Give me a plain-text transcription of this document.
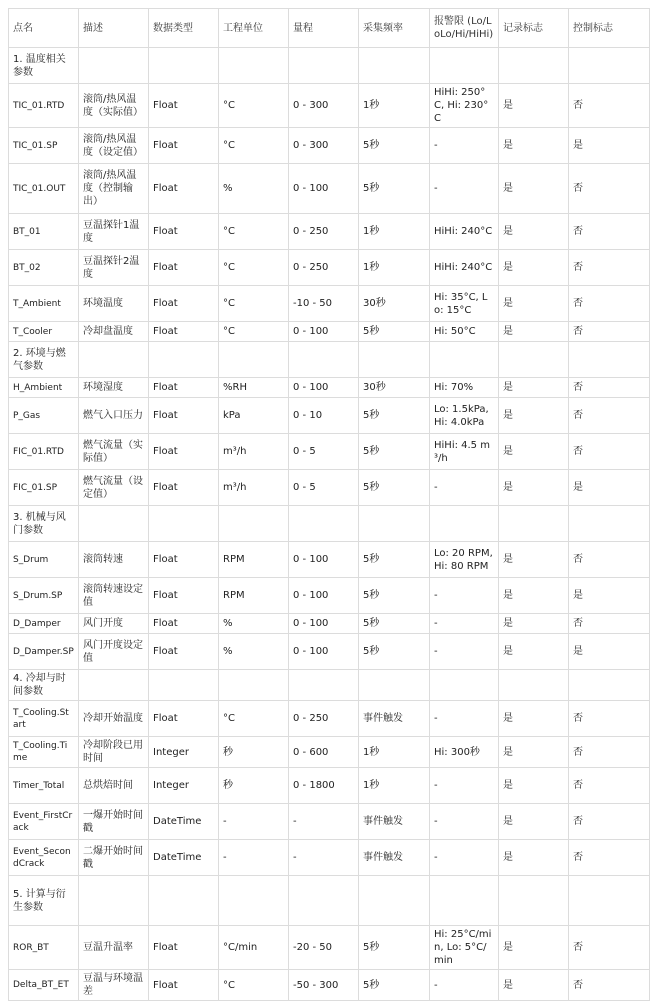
点名	描述	数据类型	工程单位	量程	采集频率	报警限 (Lo/LoLo/Hi/HiHi)	记录标志	控制标志
1. 温度相关参数								
TIC_01.RTD	滚筒/热风温度（实际值）	Float	°C	0 - 300	1秒	HiHi: 250°C, Hi: 230°C	是	否
TIC_01.SP	滚筒/热风温度（设定值）	Float	°C	0 - 300	5秒	-	是	是
TIC_01.OUT	滚筒/热风温度（控制输出）	Float	%	0 - 100	5秒	-	是	否
BT_01	豆温探针1温度	Float	°C	0 - 250	1秒	HiHi: 240°C	是	否
BT_02	豆温探针2温度	Float	°C	0 - 250	1秒	HiHi: 240°C	是	否
T_Ambient	环境温度	Float	°C	-10 - 50	30秒	Hi: 35°C, Lo: 15°C	是	否
T_Cooler	冷却盘温度	Float	°C	0 - 100	5秒	Hi: 50°C	是	否
2. 环境与燃气参数								
H_Ambient	环境湿度	Float	%RH	0 - 100	30秒	Hi: 70%	是	否
P_Gas	燃气入口压力	Float	kPa	0 - 10	5秒	Lo: 1.5kPa, Hi: 4.0kPa	是	否
FIC_01.RTD	燃气流量（实际值）	Float	m³/h	0 - 5	5秒	HiHi: 4.5 m³/h	是	否
FIC_01.SP	燃气流量（设定值）	Float	m³/h	0 - 5	5秒	-	是	是
3. 机械与风门参数								
S_Drum	滚筒转速	Float	RPM	0 - 100	5秒	Lo: 20 RPM, Hi: 80 RPM	是	否
S_Drum.SP	滚筒转速设定值	Float	RPM	0 - 100	5秒	-	是	是
D_Damper	风门开度	Float	%	0 - 100	5秒	-	是	否
D_Damper.SP	风门开度设定值	Float	%	0 - 100	5秒	-	是	是
4. 冷却与时间参数								
T_Cooling.Start	冷却开始温度	Float	°C	0 - 250	事件触发	-	是	否
T_Cooling.Time	冷却阶段已用时间	Integer	秒	0 - 600	1秒	Hi: 300秒	是	否
Timer_Total	总烘焙时间	Integer	秒	0 - 1800	1秒	-	是	否
Event_FirstCrack	一爆开始时间戳	DateTime	-	-	事件触发	-	是	否
Event_SecondCrack	二爆开始时间戳	DateTime	-	-	事件触发	-	是	否
5. 计算与衍生参数								
ROR_BT	豆温升温率	Float	°C/min	-20 - 50	5秒	Hi: 25°C/min, Lo: 5°C/min	是	否
Delta_BT_ET	豆温与环境温差	Float	°C	-50 - 300	5秒	-	是	否
